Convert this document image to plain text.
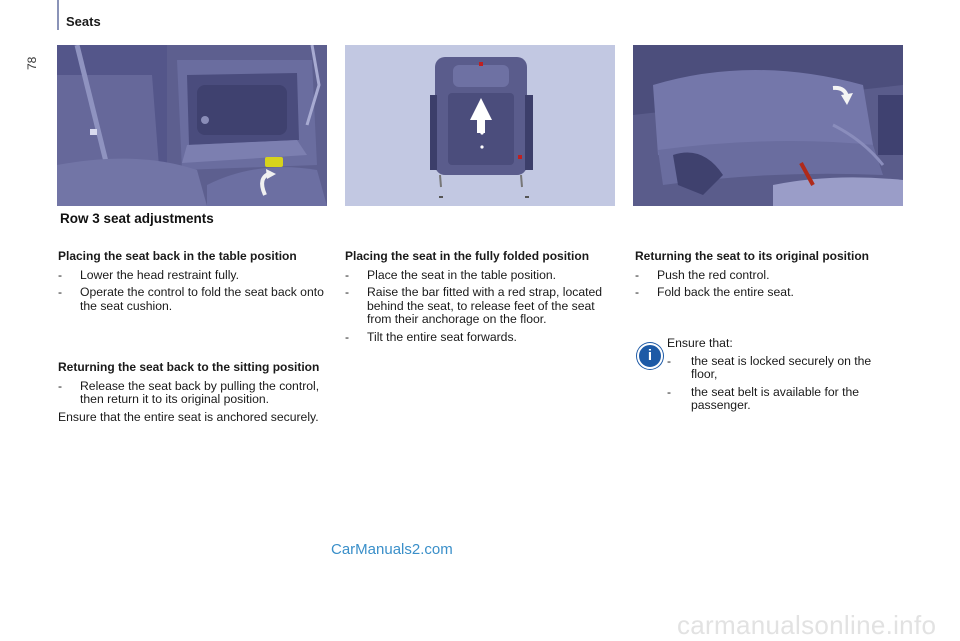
Seats
78
Row 3 seat adjustments
Placing the seat back in the table position
- Lower the head restraint fully.
- Operate the control to fold the seat back onto the seat cushion.
Returning the seat back to the sitting position
- Release the seat back by pulling the control, then return it to its original position.

Ensure that the entire seat is anchored securely.

Placing the seat in the fully folded position
- Place the seat in the table position.
- Raise the bar fitted with a red strap, located behind the seat, to release feet of the seat from their anchorage on the floor.
- Tilt the entire seat forwards.
Returning the seat to its original position
- Push the red control.
- Fold back the entire seat.
i

Ensure that:

- the seat is locked securely on the floor,
- the seat belt is available for the passenger.
CarManuals2.com
carmanualsonline.info
